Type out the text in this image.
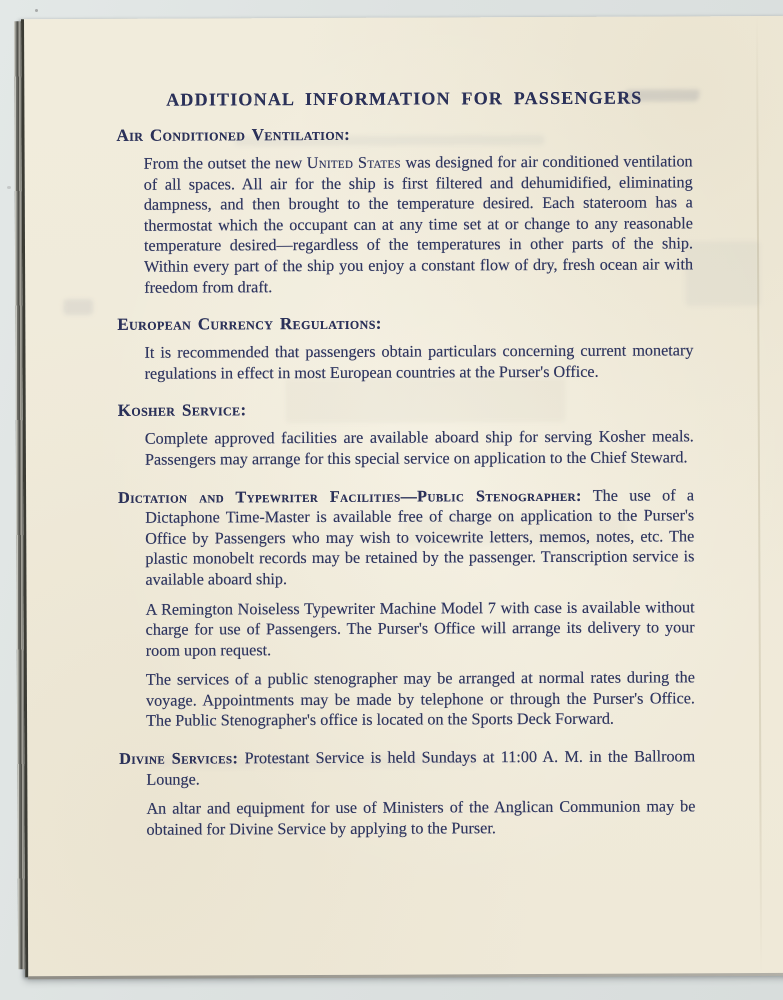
ADDITIONAL INFORMATION FOR PASSENGERS
Air Conditioned Ventilation:

From the outset the new United States was designed for air conditioned ventilation of all spaces. All air for the ship is first filtered and dehumidified, eliminating dampness, and then brought to the temperature desired. Each stateroom has a thermostat which the occupant can at any time set at or change to any reasonable temperature desired—regardless of the temperatures in other parts of the ship. Within every part of the ship you enjoy a constant flow of dry, fresh ocean air with freedom from draft.

European Currency Regulations:

It is recommended that passengers obtain particulars concerning current monetary regulations in effect in most European countries at the Purser's Office.

Kosher Service:

Complete approved facilities are available aboard ship for serving Kosher meals. Passengers may arrange for this special service on application to the Chief Steward.

Dictation and Typewriter Facilities—Public Stenographer: The use of a Dictaphone Time-Master is available free of charge on application to the Purser's Office by Passengers who may wish to voicewrite letters, memos, notes, etc. The plastic monobelt records may be retained by the passenger. Transcription service is available aboard ship.

A Remington Noiseless Typewriter Machine Model 7 with case is available without charge for use of Passengers. The Purser's Office will arrange its delivery to your room upon request.

The services of a public stenographer may be arranged at normal rates during the voyage. Appointments may be made by telephone or through the Purser's Office. The Public Stenographer's office is located on the Sports Deck Forward.

Divine Services: Protestant Service is held Sundays at 11:00 A. M. in the Ballroom Lounge.

An altar and equipment for use of Ministers of the Anglican Communion may be obtained for Divine Service by applying to the Purser.
